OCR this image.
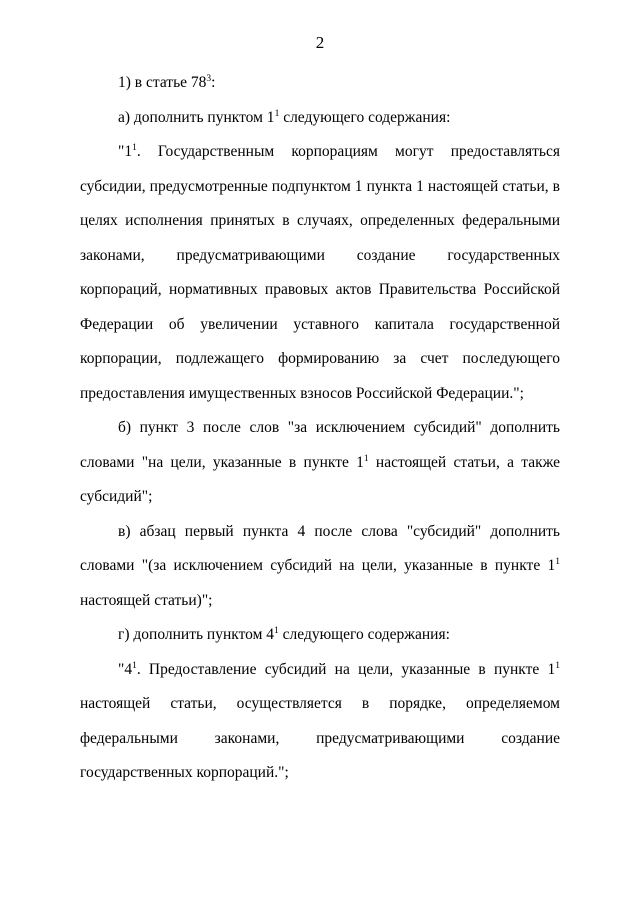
2

1) в статье $78^3$:

а) дополнить пунктом $1^1$ следующего содержания:

"$1^1$. Государственным корпорациям могут предоставляться субсидии, предусмотренные подпунктом 1 пункта 1 настоящей статьи, в целях исполнения принятых в случаях, определенных федеральными законами, предусматривающими создание государственных корпораций, нормативных правовых актов Правительства Российской Федерации об увеличении уставного капитала государственной корпорации, подлежащего формированию за счет последующего предоставления имущественных взносов Российской Федерации.";

б) пункт 3 после слов "за исключением субсидий" дополнить словами "на цели, указанные в пункте $1^1$ настоящей статьи, а также субсидий";

в) абзац первый пункта 4 после слова "субсидий" дополнить словами "(за исключением субсидий на цели, указанные в пункте $1^1$ настоящей статьи)";

г) дополнить пунктом $4^1$ следующего содержания:

"$4^1$. Предоставление субсидий на цели, указанные в пункте $1^1$ настоящей статьи, осуществляется в порядке, определяемом федеральными законами, предусматривающими создание государственных корпораций.";
